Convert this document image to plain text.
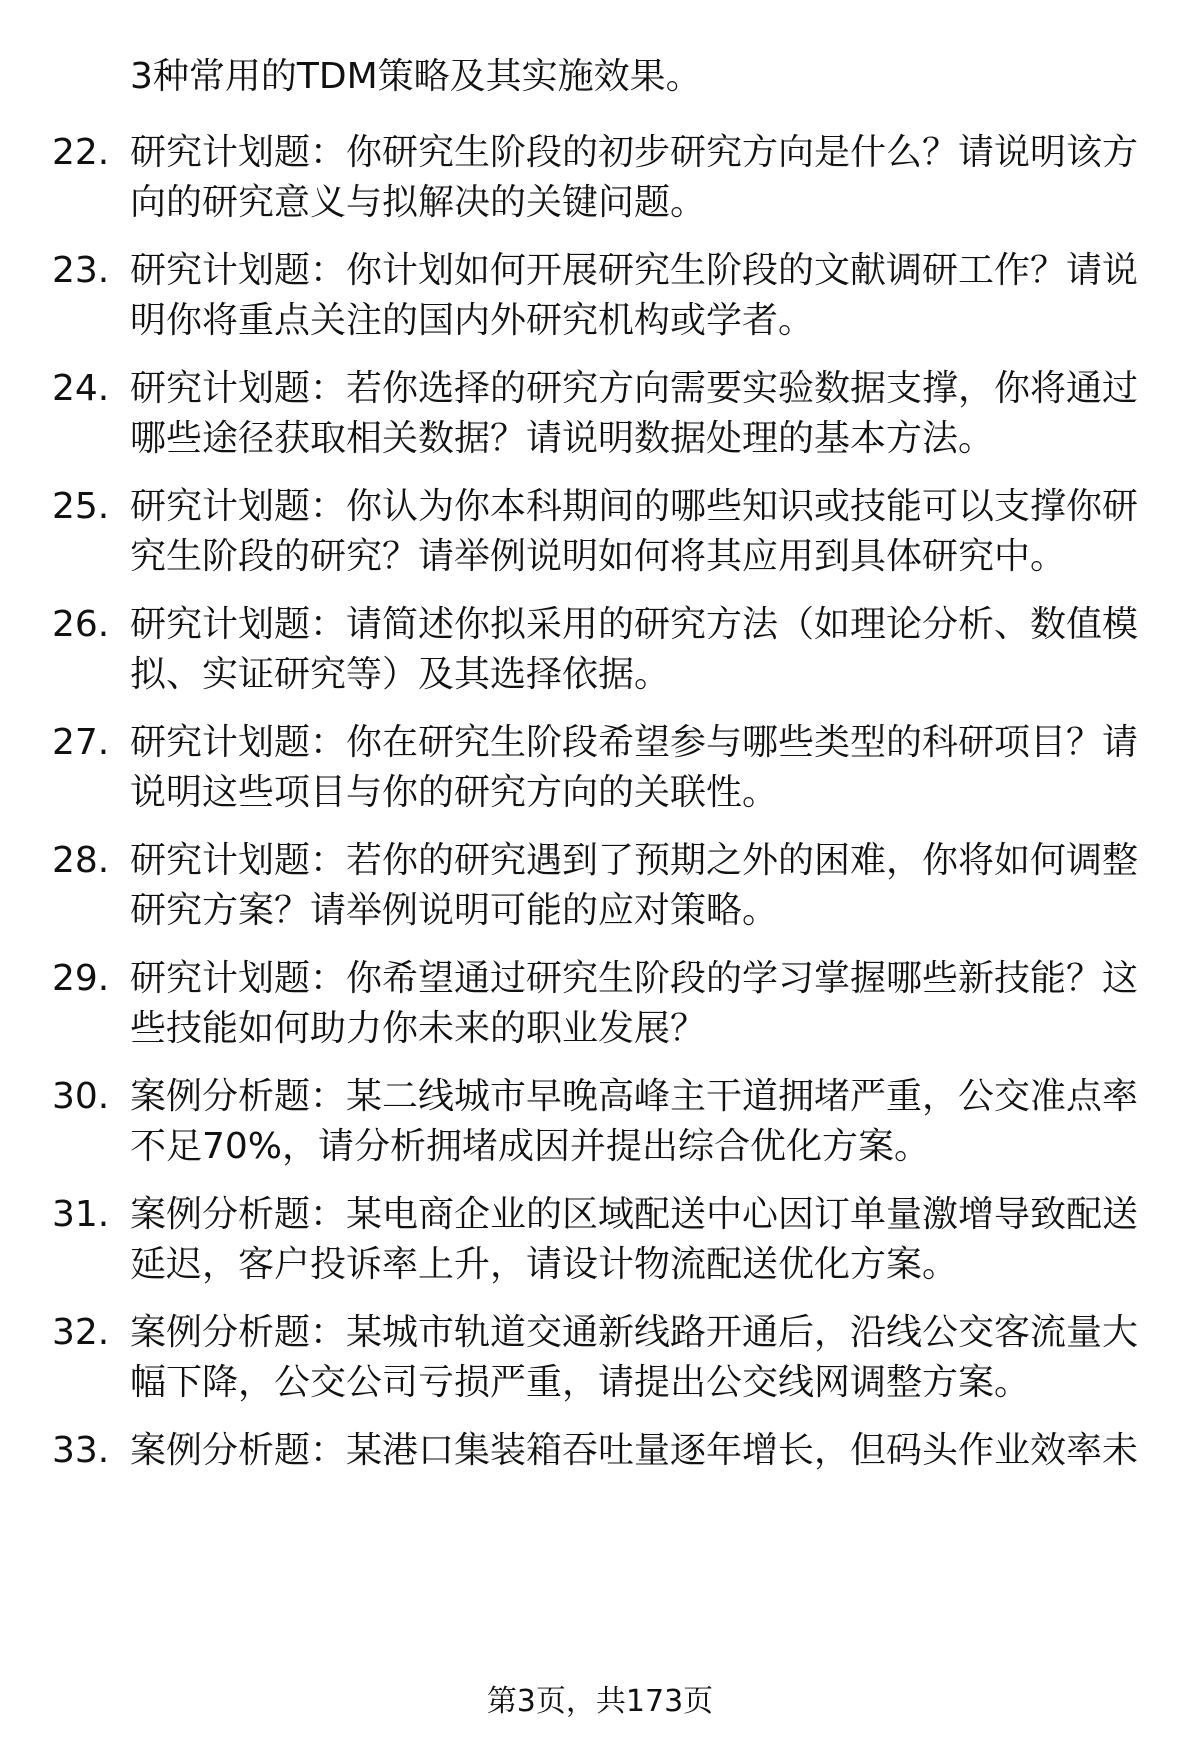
3种常用的TDM策略及其实施效果。
22. 研究计划题：你研究生阶段的初步研究方向是什么？请说明该方向的研究意义与拟解决的关键问题。
23. 研究计划题：你计划如何开展研究生阶段的文献调研工作？请说明你将重点关注的国内外研究机构或学者。
24. 研究计划题：若你选择的研究方向需要实验数据支撑，你将通过哪些途径获取相关数据？请说明数据处理的基本方法。
25. 研究计划题：你认为你本科期间的哪些知识或技能可以支撑你研究生阶段的研究？请举例说明如何将其应用到具体研究中。
26. 研究计划题：请简述你拟采用的研究方法（如理论分析、数值模拟、实证研究等）及其选择依据。
27. 研究计划题：你在研究生阶段希望参与哪些类型的科研项目？请说明这些项目与你的研究方向的关联性。
28. 研究计划题：若你的研究遇到了预期之外的困难，你将如何调整研究方案？请举例说明可能的应对策略。
29. 研究计划题：你希望通过研究生阶段的学习掌握哪些新技能？这些技能如何助力你未来的职业发展？
30. 案例分析题：某二线城市早晚高峰主干道拥堵严重，公交准点率不足70%，请分析拥堵成因并提出综合优化方案。
31. 案例分析题：某电商企业的区域配送中心因订单量激增导致配送延迟，客户投诉率上升，请设计物流配送优化方案。
32. 案例分析题：某城市轨道交通新线路开通后，沿线公交客流量大幅下降，公交公司亏损严重，请提出公交线网调整方案。
33. 案例分析题：某港口集装箱吞吐量逐年增长，但码头作业效率未
第3页，共173页
